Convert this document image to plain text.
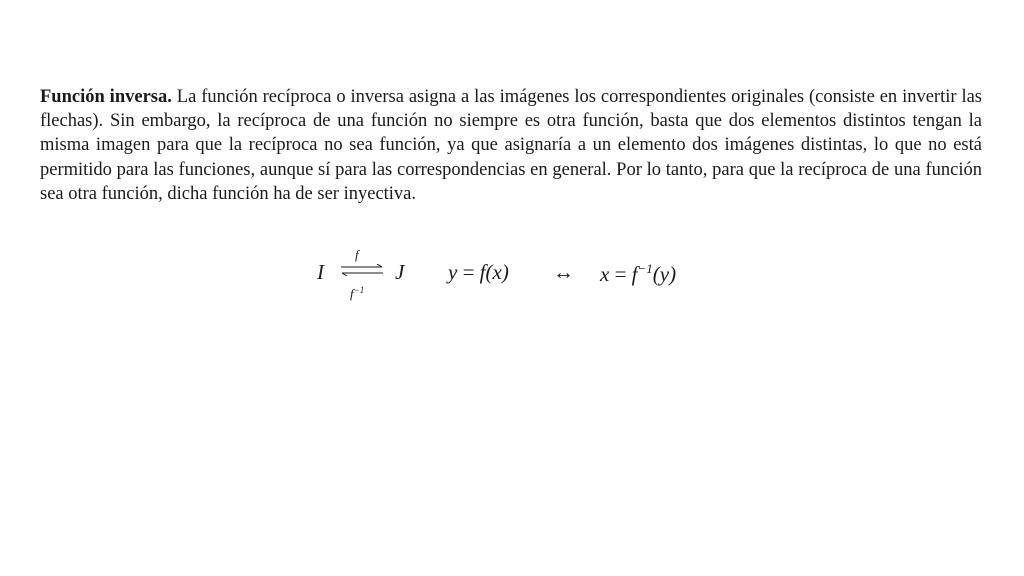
Función inversa. La función recíproca o inversa asigna a las imágenes los correspondientes originales (consiste en invertir las flechas). Sin embargo, la recíproca de una función no siempre es otra función, basta que dos elementos distintos tengan la misma imagen para que la recíproca no sea función, ya que asignaría a un elemento dos imágenes distintas, lo que no está permitido para las funciones, aunque sí para las correspondencias en general. Por lo tanto, para que la recíproca de una función sea otra función, dicha función ha de ser inyectiva.

I
f
$f^{-1}$
J y = f(x) ↔ $x = f^{-1}(y)$
